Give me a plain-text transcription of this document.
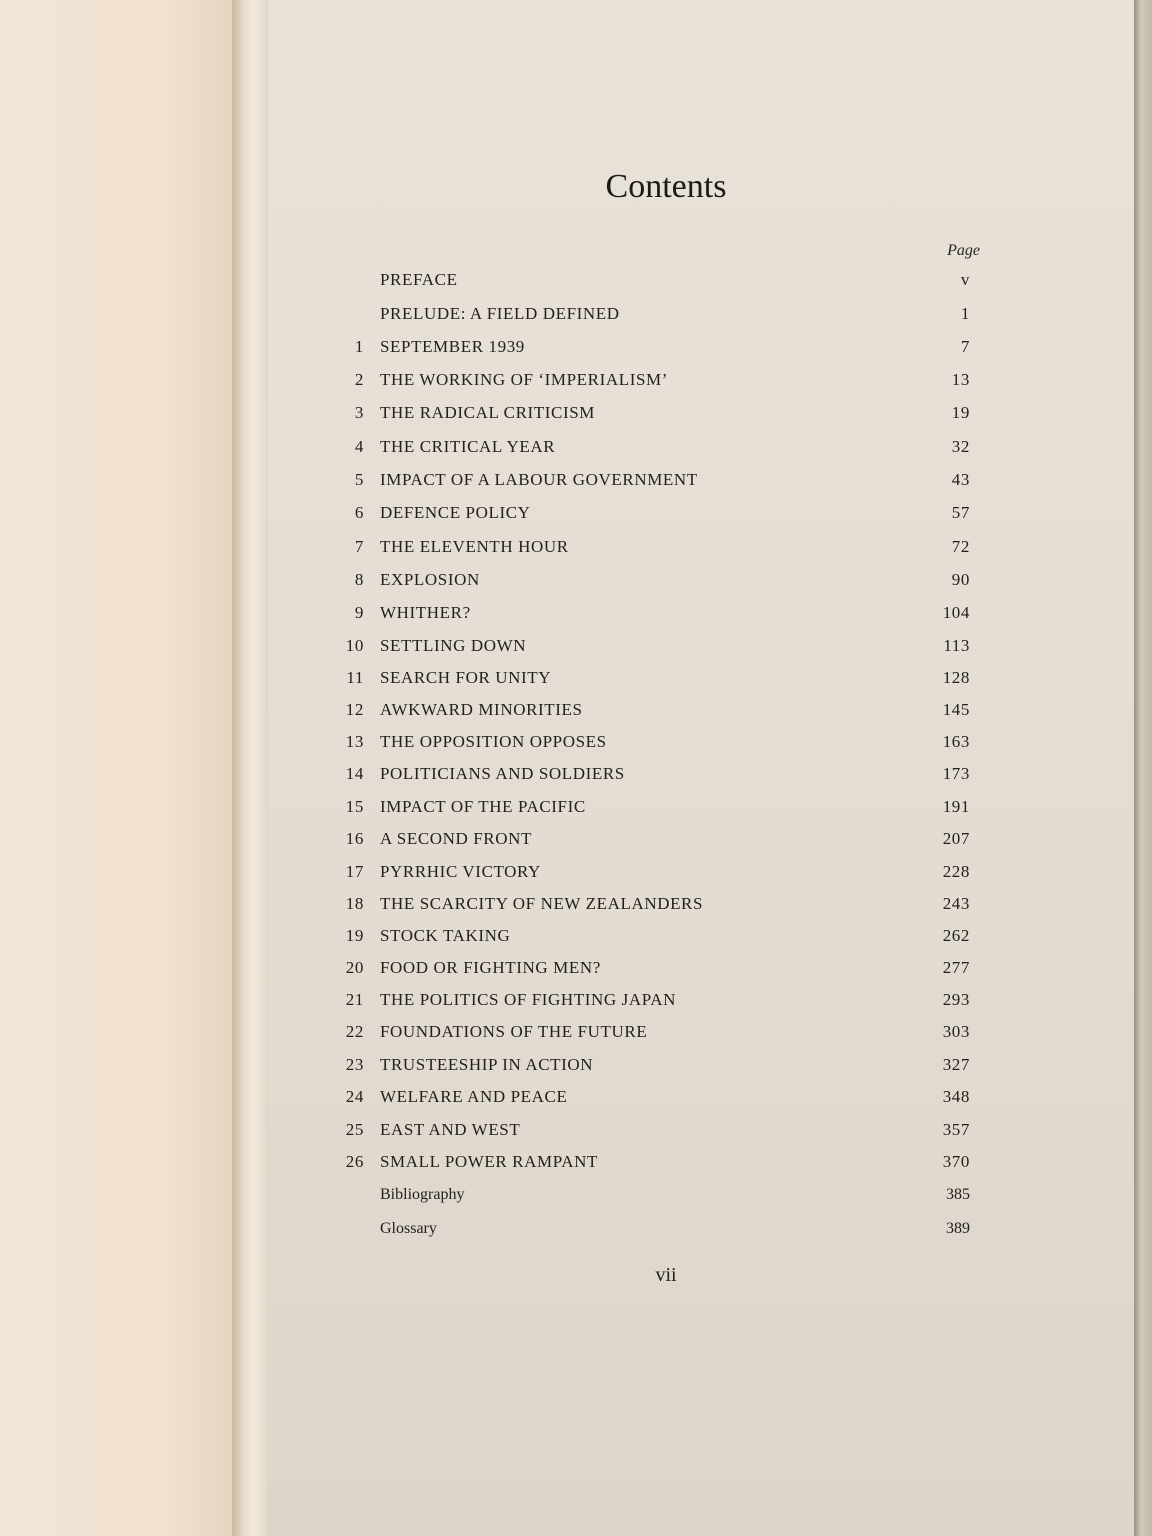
Contents
Page
PREFACE	v
PRELUDE: A FIELD DEFINED	1
1 SEPTEMBER 1939	7
2 THE WORKING OF ‘IMPERIALISM’	13
3 THE RADICAL CRITICISM	19
4 THE CRITICAL YEAR	32
5 IMPACT OF A LABOUR GOVERNMENT	43
6 DEFENCE POLICY	57
7 THE ELEVENTH HOUR	72
8 EXPLOSION	90
9 WHITHER?	104
10 SETTLING DOWN	113
11 SEARCH FOR UNITY	128
12 AWKWARD MINORITIES	145
13 THE OPPOSITION OPPOSES	163
14 POLITICIANS AND SOLDIERS	173
15 IMPACT OF THE PACIFIC	191
16 A SECOND FRONT	207
17 PYRRHIC VICTORY	228
18 THE SCARCITY OF NEW ZEALANDERS	243
19 STOCK TAKING	262
20 FOOD OR FIGHTING MEN?	277
21 THE POLITICS OF FIGHTING JAPAN	293
22 FOUNDATIONS OF THE FUTURE	303
23 TRUSTEESHIP IN ACTION	327
24 WELFARE AND PEACE	348
25 EAST AND WEST	357
26 SMALL POWER RAMPANT	370
Bibliography	385
Glossary	389
vii
